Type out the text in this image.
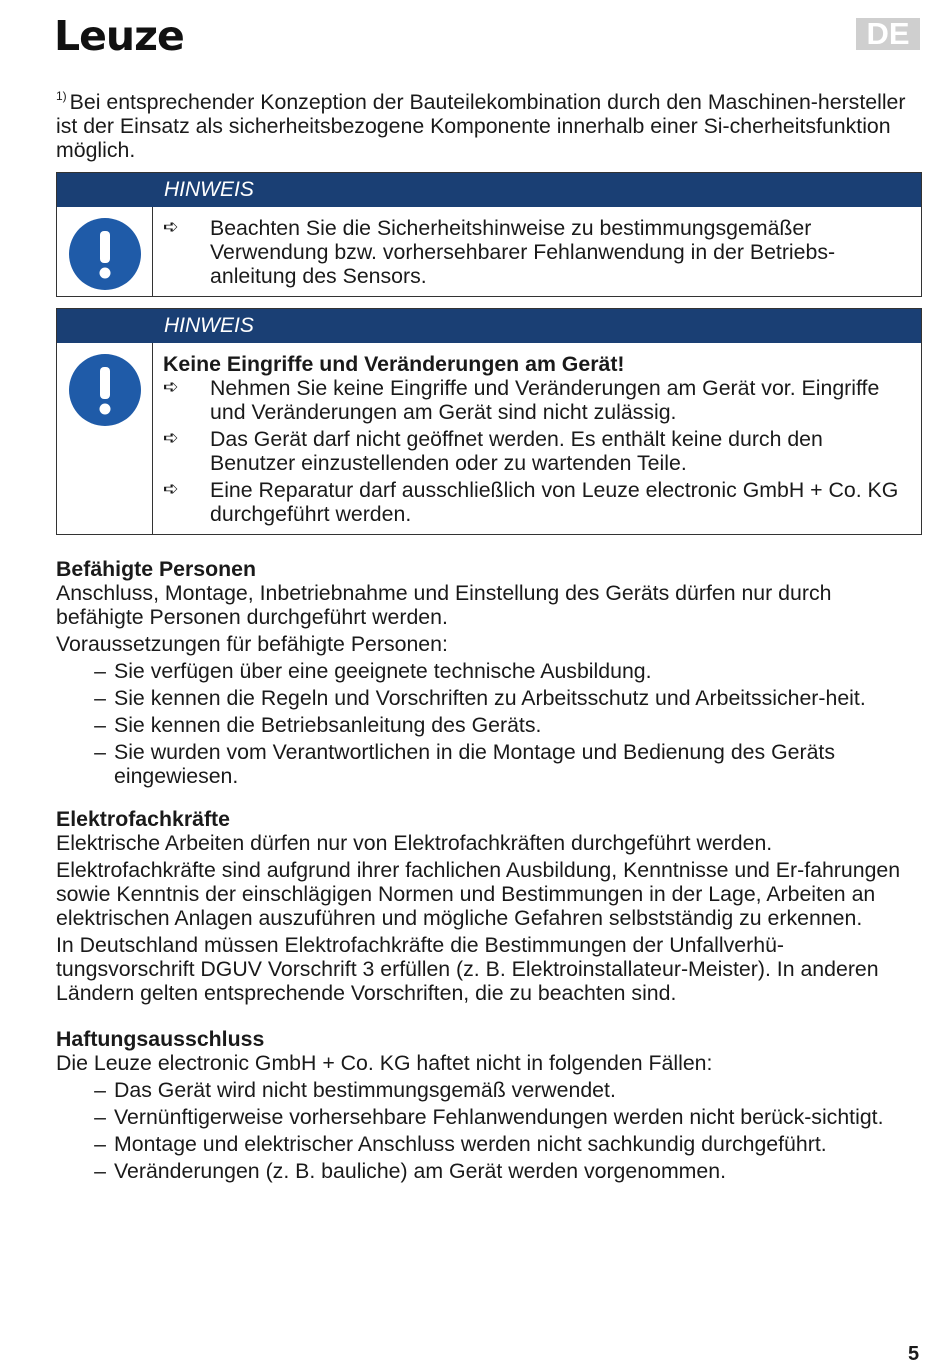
Leuze	DE

$^{1)}$ Bei entsprechender Konzeption der Bauteilekombination durch den Maschinen-hersteller ist der Einsatz als sicherheitsbezogene Komponente innerhalb einer Si-cherheitsfunktion möglich.

HINWEIS
➪	Beachten Sie die Sicherheitshinweise zu bestimmungsgemäßer Verwendung bzw. vorhersehbarer Fehlanwendung in der Betriebs-anleitung des Sensors.
HINWEIS
Keine Eingriffe und Veränderungen am Gerät!
➪	Nehmen Sie keine Eingriffe und Veränderungen am Gerät vor. Eingriffe und Veränderungen am Gerät sind nicht zulässig.
➪	Das Gerät darf nicht geöffnet werden. Es enthält keine durch den Benutzer einzustellenden oder zu wartenden Teile.
➪	Eine Reparatur darf ausschließlich von Leuze electronic GmbH + Co. KG durchgeführt werden.
Befähigte Personen

Anschluss, Montage, Inbetriebnahme und Einstellung des Geräts dürfen nur durch befähigte Personen durchgeführt werden.

Voraussetzungen für befähigte Personen:

– Sie verfügen über eine geeignete technische Ausbildung.
– Sie kennen die Regeln und Vorschriften zu Arbeitsschutz und Arbeitssicher-heit.
– Sie kennen die Betriebsanleitung des Geräts.
– Sie wurden vom Verantwortlichen in die Montage und Bedienung des Geräts eingewiesen.
Elektrofachkräfte

Elektrische Arbeiten dürfen nur von Elektrofachkräften durchgeführt werden.

Elektrofachkräfte sind aufgrund ihrer fachlichen Ausbildung, Kenntnisse und Er-fahrungen sowie Kenntnis der einschlägigen Normen und Bestimmungen in der Lage, Arbeiten an elektrischen Anlagen auszuführen und mögliche Gefahren selbstständig zu erkennen.

In Deutschland müssen Elektrofachkräfte die Bestimmungen der Unfallverhü-tungsvorschrift DGUV Vorschrift 3 erfüllen (z. B. Elektroinstallateur-Meister). In anderen Ländern gelten entsprechende Vorschriften, die zu beachten sind.

Haftungsausschluss

Die Leuze electronic GmbH + Co. KG haftet nicht in folgenden Fällen:

– Das Gerät wird nicht bestimmungsgemäß verwendet.
– Vernünftigerweise vorhersehbare Fehlanwendungen werden nicht berück-sichtigt.
– Montage und elektrischer Anschluss werden nicht sachkundig durchgeführt.
– Veränderungen (z. B. bauliche) am Gerät werden vorgenommen.
5
